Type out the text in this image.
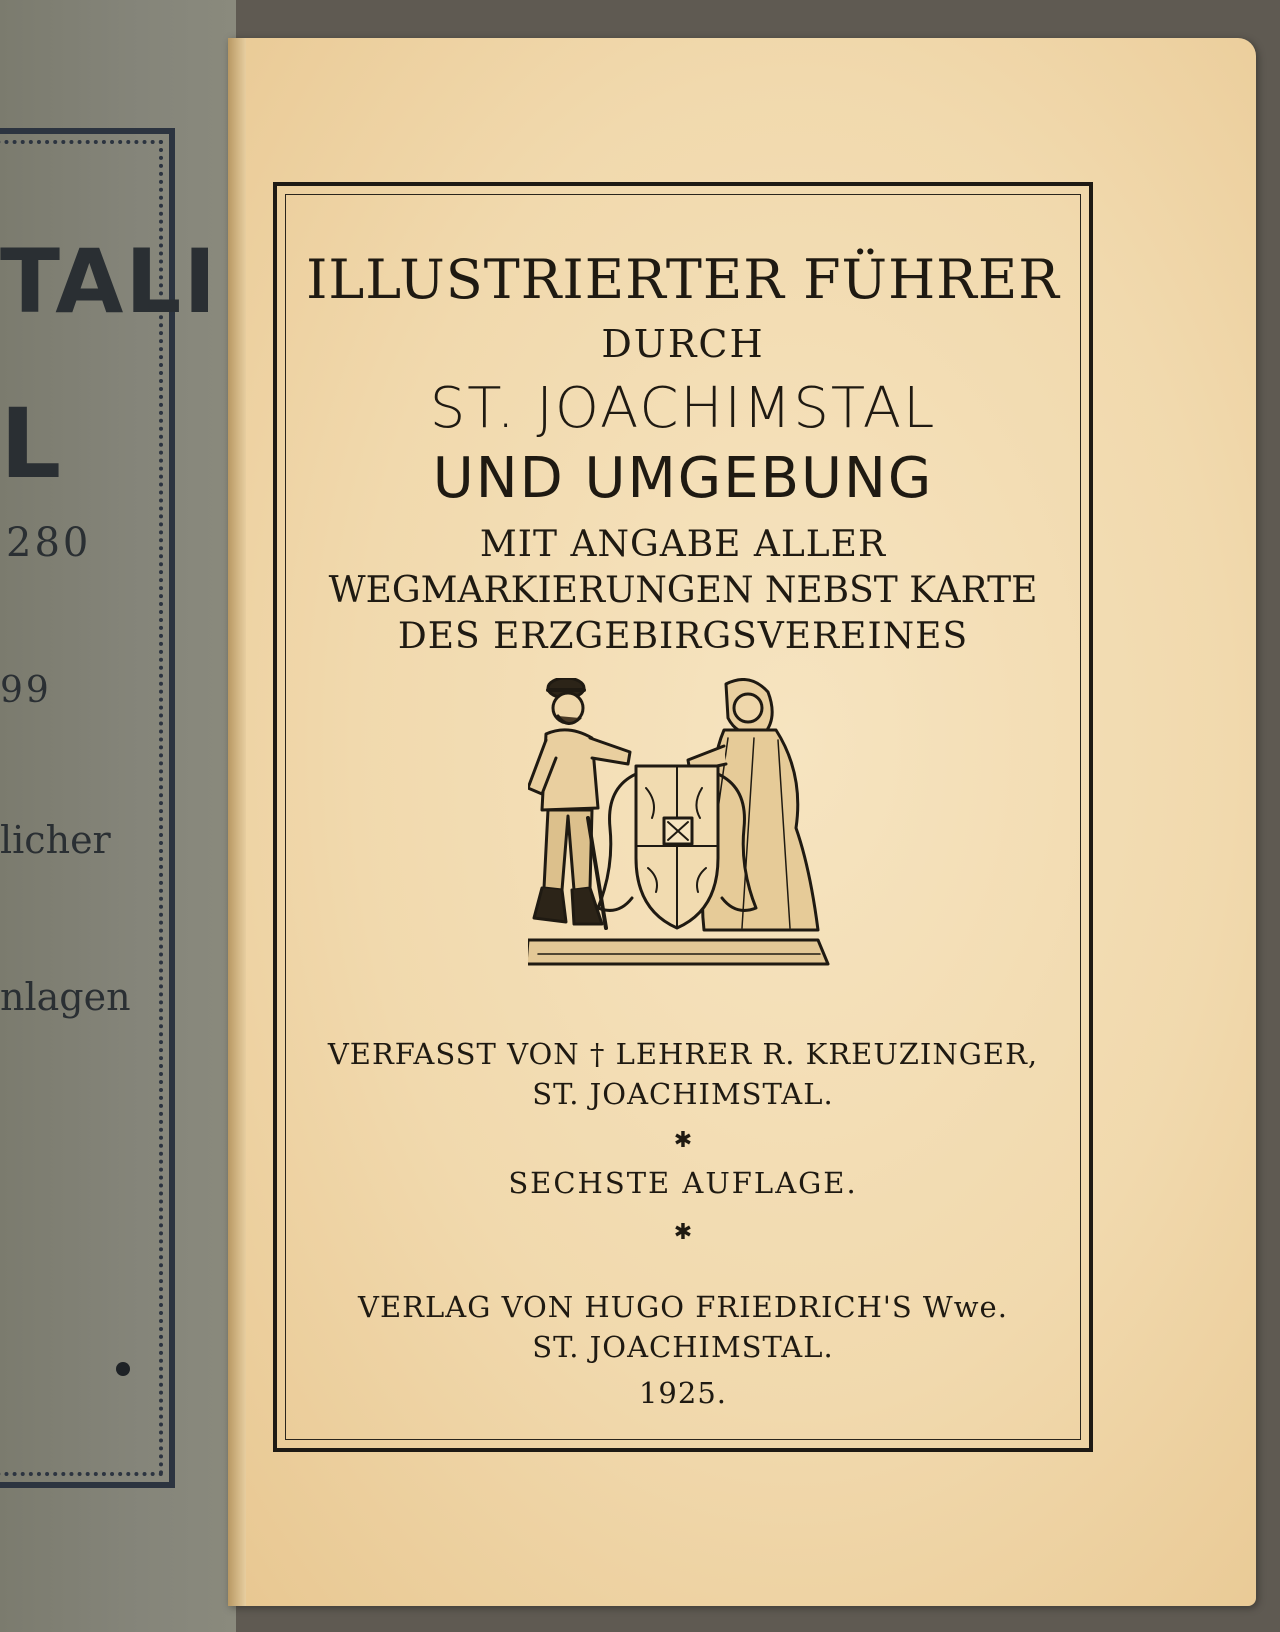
TALI
L
280
99
licher
nlagen

ILLUSTRIERTER FÜHRER

DURCH

ST. JOACHIMSTAL

UND UMGEBUNG

MIT ANGABE ALLER

WEGMARKIERUNGEN NEBST KARTE

DES ERZGEBIRGSVEREINES

VERFASST VON † LEHRER R. KREUZINGER,

ST. JOACHIMSTAL.

✱

SECHSTE AUFLAGE.

✱

VERLAG VON HUGO FRIEDRICH'S Wwe.

ST. JOACHIMSTAL.

1925.
